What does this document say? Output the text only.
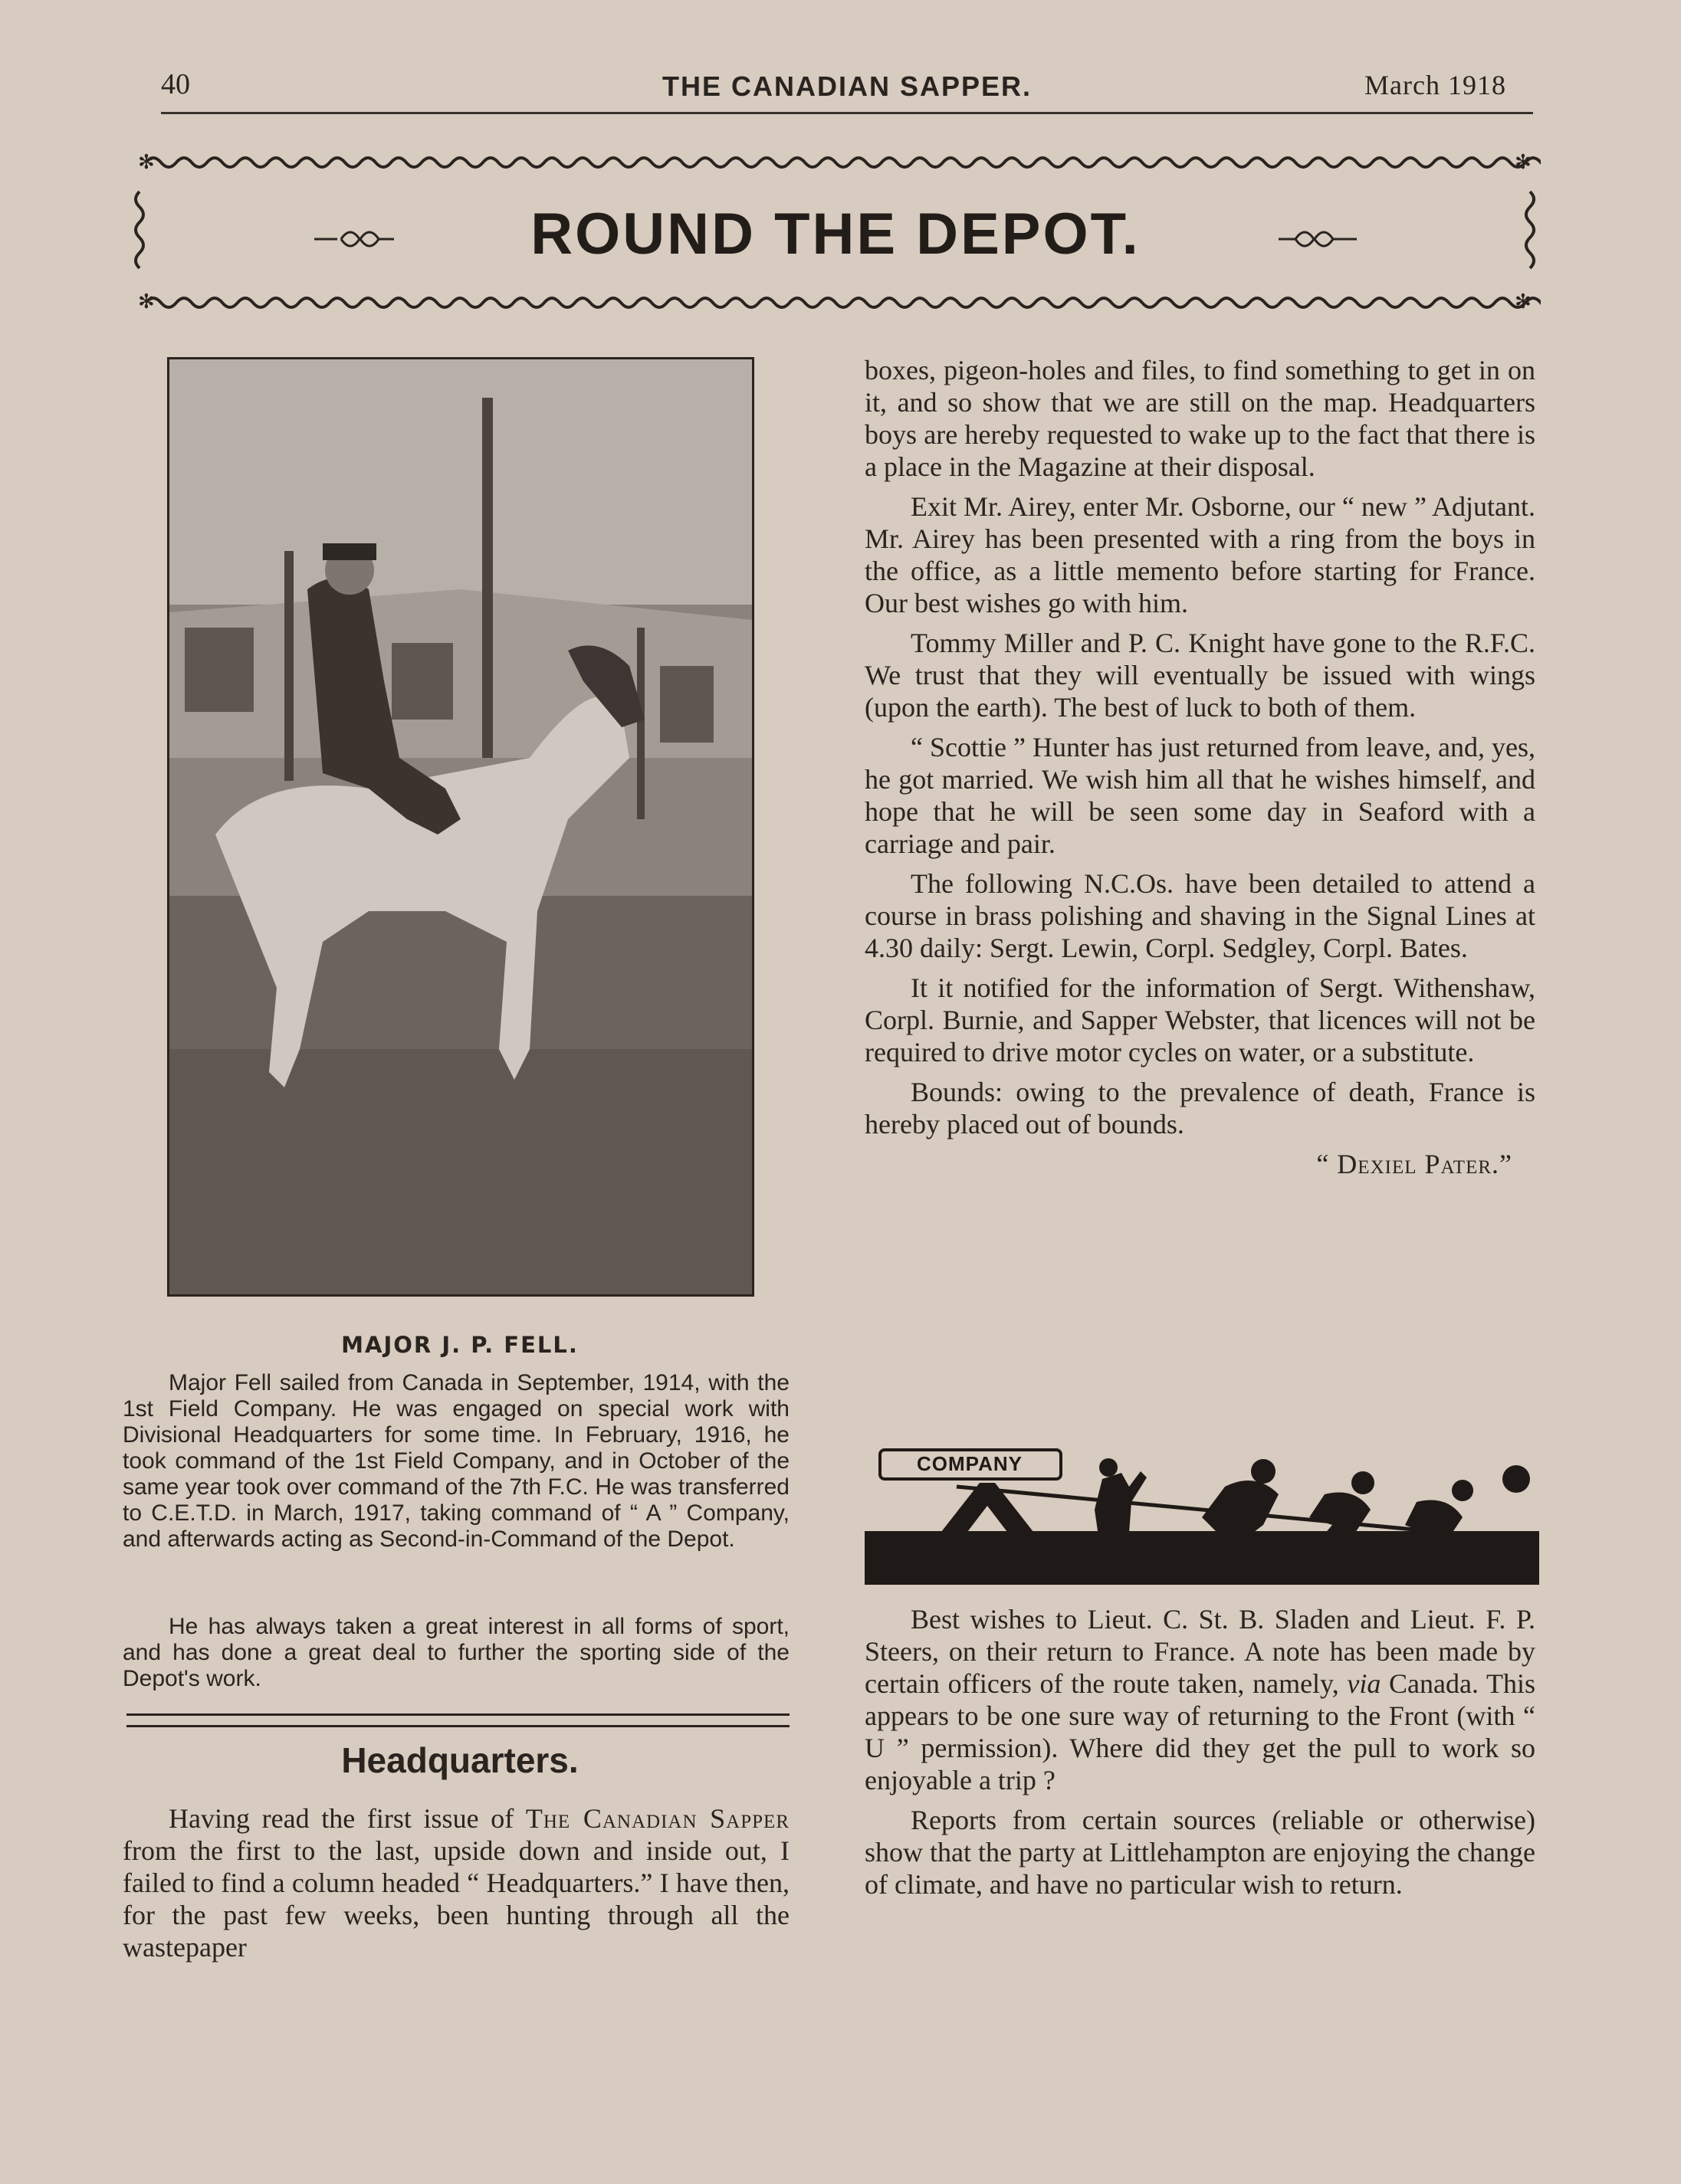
40	THE CANADIAN SAPPER.	March 1918
✻	✻
✻	✻
ROUND THE DEPOT.
MAJOR J. P. FELL.

Major Fell sailed from Canada in September, 1914, with the 1st Field Company. He was engaged on special work with Divisional Headquarters for some time. In February, 1916, he took command of the 1st Field Company, and in October of the same year took over command of the 7th F.C. He was transferred to C.E.T.D. in March, 1917, taking command of “ A ” Company, and afterwards acting as Second-in-Command of the Depot.

He has always taken a great interest in all forms of sport, and has done a great deal to further the sporting side of the Depot's work.

Headquarters.

Having read the first issue of The Canadian Sapper from the first to the last, upside down and inside out, I failed to find a column headed “ Headquarters.” I have then, for the past few weeks, been hunting through all the wastepaper

boxes, pigeon-holes and files, to find something to get in on it, and so show that we are still on the map. Headquarters boys are hereby requested to wake up to the fact that there is a place in the Magazine at their disposal.

Exit Mr. Airey, enter Mr. Osborne, our “ new ” Adjutant. Mr. Airey has been presented with a ring from the boys in the office, as a little memento before starting for France. Our best wishes go with him.

Tommy Miller and P. C. Knight have gone to the R.F.C. We trust that they will eventually be issued with wings (upon the earth). The best of luck to both of them.

“ Scottie ” Hunter has just returned from leave, and, yes, he got married. We wish him all that he wishes himself, and hope that he will be seen some day in Seaford with a carriage and pair.

The following N.C.Os. have been detailed to attend a course in brass polishing and shaving in the Signal Lines at 4.30 daily: Sergt. Lewin, Corpl. Sedgley, Corpl. Bates.

It it notified for the information of Sergt. Withenshaw, Corpl. Burnie, and Sapper Webster, that licences will not be required to drive motor cycles on water, or a substitute.

Bounds: owing to the prevalence of death, France is hereby placed out of bounds.

“ Dexiel Pater.”

COMPANY

Best wishes to Lieut. C. St. B. Sladen and Lieut. F. P. Steers, on their return to France. A note has been made by certain officers of the route taken, namely, via Canada. This appears to be one sure way of returning to the Front (with “ U ” permission). Where did they get the pull to work so enjoyable a trip ?

Reports from certain sources (reliable or otherwise) show that the party at Littlehampton are enjoying the change of climate, and have no particular wish to return.
